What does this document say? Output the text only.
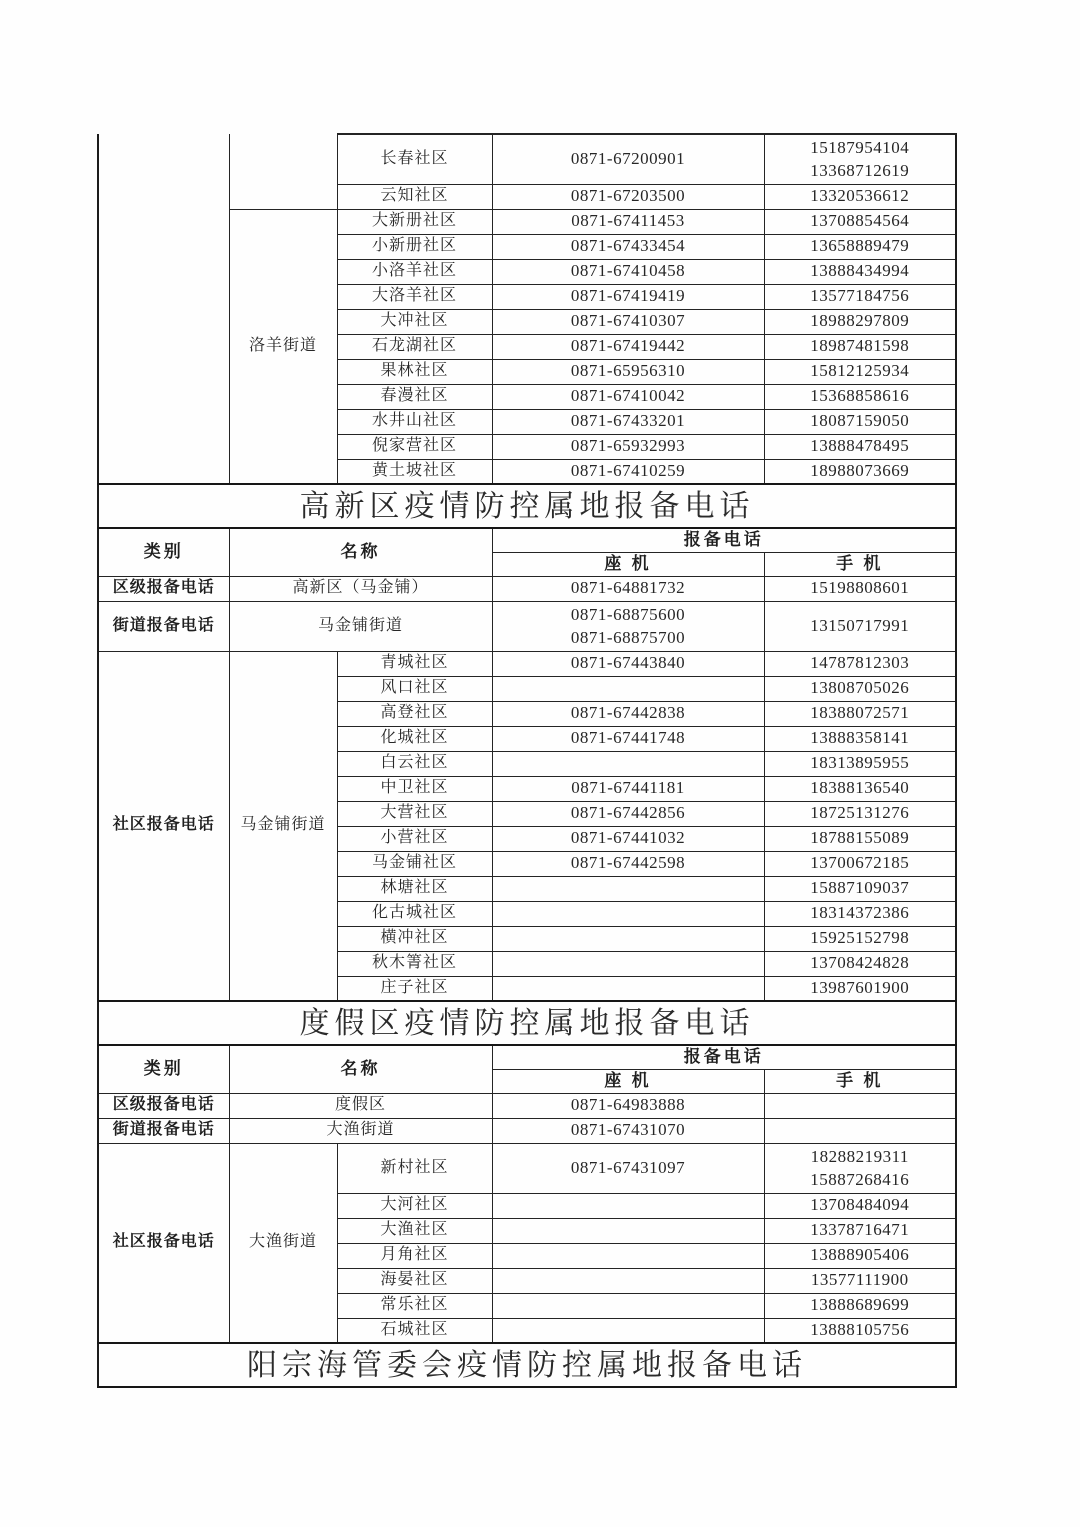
		长春社区	0871-67200901	15187954104
13368712619

		云知社区	0871-67203500	13320536612
	洛羊街道	大新册社区	0871-67411453	13708854564
		小新册社区	0871-67433454	13658889479
		小洛羊社区	0871-67410458	13888434994
		大洛羊社区	0871-67419419	13577184756
		大冲社区	0871-67410307	18988297809
		石龙湖社区	0871-67419442	18987481598
		果林社区	0871-65956310	15812125934
		春漫社区	0871-67410042	15368858616
		水井山社区	0871-67433201	18087159050
		倪家营社区	0871-65932993	13888478495
		黄土坡社区	0871-67410259	18988073669
高新区疫情防控属地报备电话				
类别	名称		报备电话	
			座 机	手 机
区级报备电话	高新区（马金铺）		0871-64881732	15198808601
街道报备电话	马金铺街道		0871-68875600
0871-68875700	13150717991
社区报备电话	马金铺街道	青城社区	0871-67443840	14787812303
		风口社区		13808705026
		高登社区	0871-67442838	18388072571
		化城社区	0871-67441748	13888358141
		白云社区		18313895955
		中卫社区	0871-67441181	18388136540
		大营社区	0871-67442856	18725131276
		小营社区	0871-67441032	18788155089
		马金铺社区	0871-67442598	13700672185
		林塘社区		15887109037
		化古城社区		18314372386
		横冲社区		15925152798
		秋木箐社区		13708424828
		庄子社区		13987601900
度假区疫情防控属地报备电话				
类别	名称		报备电话	
			座 机	手 机
区级报备电话	度假区		0871-64983888	
街道报备电话	大渔街道		0871-67431070	
社区报备电话	大渔街道	新村社区	0871-67431097	18288219311
15887268416

		大河社区		13708484094
		大渔社区		13378716471
		月角社区		13888905406
		海晏社区		13577111900
		常乐社区		13888689699
		石城社区		13888105756
阳宗海管委会疫情防控属地报备电话				
